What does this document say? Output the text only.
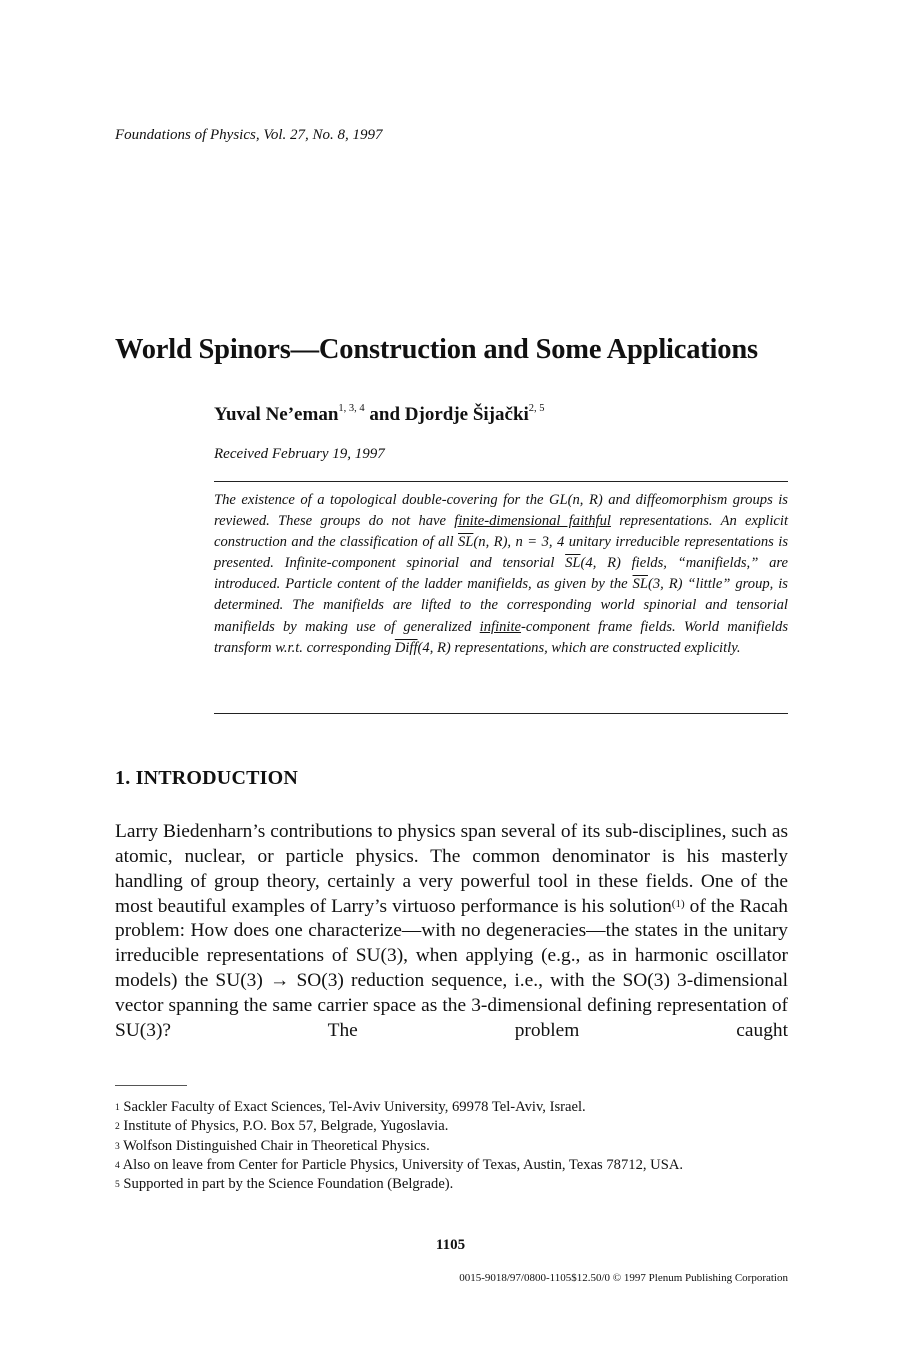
Foundations of Physics, Vol. 27, No. 8, 1997
World Spinors—Construction and Some Applications
Yuval Ne’eman$^{1, 3, 4}$ and Djordje Šijački$^{2, 5}$
Received February 19, 1997
The existence of a topological double-covering for the GL(n, R) and diffeomorphism groups is reviewed. These groups do not have finite-dimensional faithful representations. An explicit construction and the classification of all $\overline{SL}(n$, R), n = 3, 4 unitary irreducible representations is presented. Infinite-component spinorial and tensorial $\overline{SL}(4$, R) fields, “manifields,” are introduced. Particle content of the ladder manifields, as given by the $\overline{SL}(3$, R) “little” group, is determined. The manifields are lifted to the corresponding world spinorial and tensorial manifields by making use of generalized infinite-component frame fields. World manifields transform w.r.t. corresponding Diff(4, R) representations, which are constructed explicitly.
1. INTRODUCTION
Larry Biedenharn’s contributions to physics span several of its sub-disciplines, such as atomic, nuclear, or particle physics. The common denominator is his masterly handling of group theory, certainly a very powerful tool in these fields. One of the most beautiful examples of Larry’s virtuoso performance is his solution$^{(1)}$ of the Racah problem: How does one characterize—with no degeneracies—the states in the unitary irreducible representations of SU(3), when applying (e.g., as in harmonic oscillator models) the SU(3) → SO(3) reduction sequence, i.e., with the SO(3) 3-dimensional vector spanning the same carrier space as the 3-dimensional defining representation of SU(3)? The problem caught
$^1$ Sackler Faculty of Exact Sciences, Tel-Aviv University, 69978 Tel-Aviv, Israel.
$^2$ Institute of Physics, P.O. Box 57, Belgrade, Yugoslavia.
$^3$ Wolfson Distinguished Chair in Theoretical Physics.
$^4$ Also on leave from Center for Particle Physics, University of Texas, Austin, Texas 78712, USA.
$^5$ Supported in part by the Science Foundation (Belgrade).
1105
0015-9018/97/0800-1105$12.50/0 © 1997 Plenum Publishing Corporation
